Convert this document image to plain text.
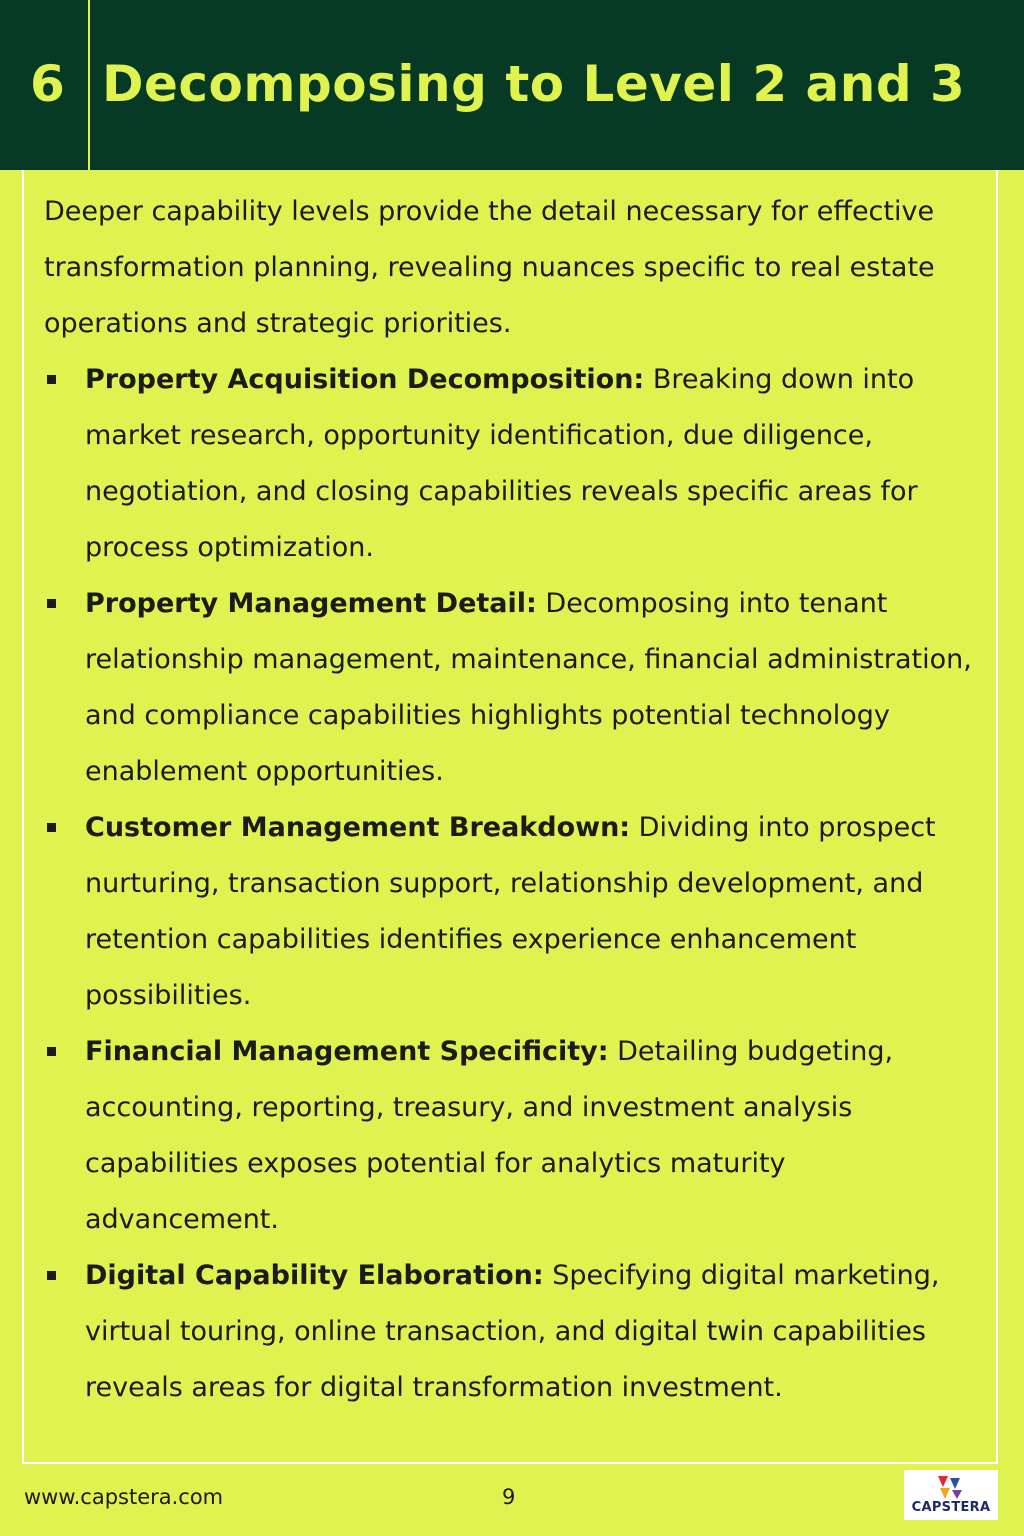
6 Decomposing to Level 2 and 3

Deeper capability levels provide the detail necessary for effective transformation planning, revealing nuances specific to real estate operations and strategic priorities.

Property Acquisition Decomposition: Breaking down into market research, opportunity identification, due diligence, negotiation, and closing capabilities reveals specific areas for process optimization.
Property Management Detail: Decomposing into tenant relationship management, maintenance, financial administration, and compliance capabilities highlights potential technology enablement opportunities.
Customer Management Breakdown: Dividing into prospect nurturing, transaction support, relationship development, and retention capabilities identifies experience enhancement possibilities.
Financial Management Specificity: Detailing budgeting, accounting, reporting, treasury, and investment analysis capabilities exposes potential for analytics maturity advancement.
Digital Capability Elaboration: Specifying digital marketing, virtual touring, online transaction, and digital twin capabilities reveals areas for digital transformation investment.
www.capstera.com	9	CAPSTERA
